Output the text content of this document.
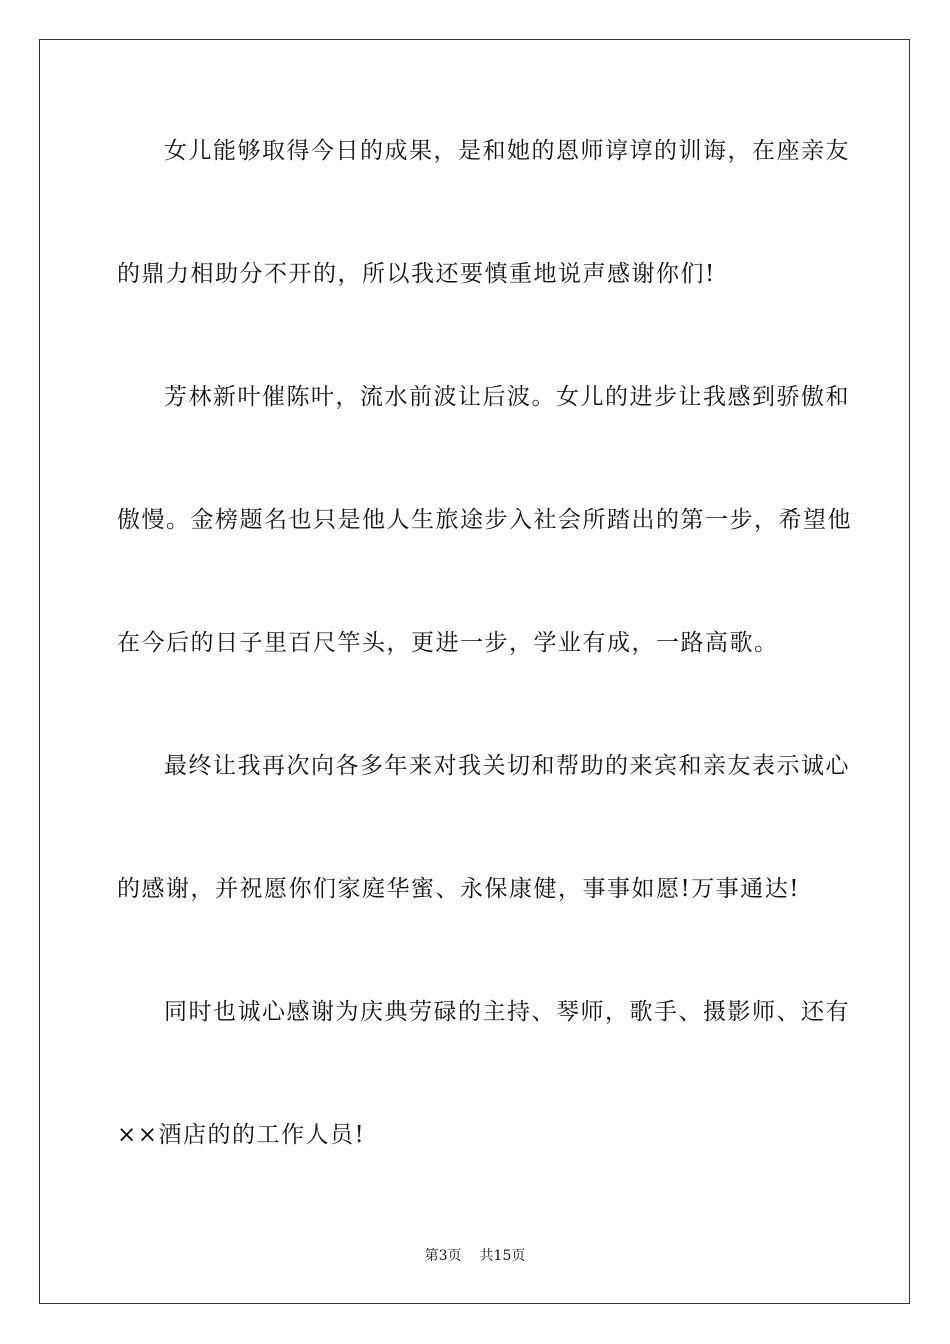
女儿能够取得今日的成果，是和她的恩师谆谆的训诲，在座亲友
的鼎力相助分不开的，所以我还要慎重地说声感谢你们!
芳林新叶催陈叶，流水前波让后波。女儿的进步让我感到骄傲和
傲慢。金榜题名也只是他人生旅途步入社会所踏出的第一步，希望他
在今后的日子里百尺竿头，更进一步，学业有成，一路高歌。
最终让我再次向各多年来对我关切和帮助的来宾和亲友表示诚心
的感谢，并祝愿你们家庭华蜜、永保康健，事事如愿!万事通达!
同时也诚心感谢为庆典劳碌的主持、琴师，歌手、摄影师、还有
××酒店的的工作人员!
第3页 共15页
